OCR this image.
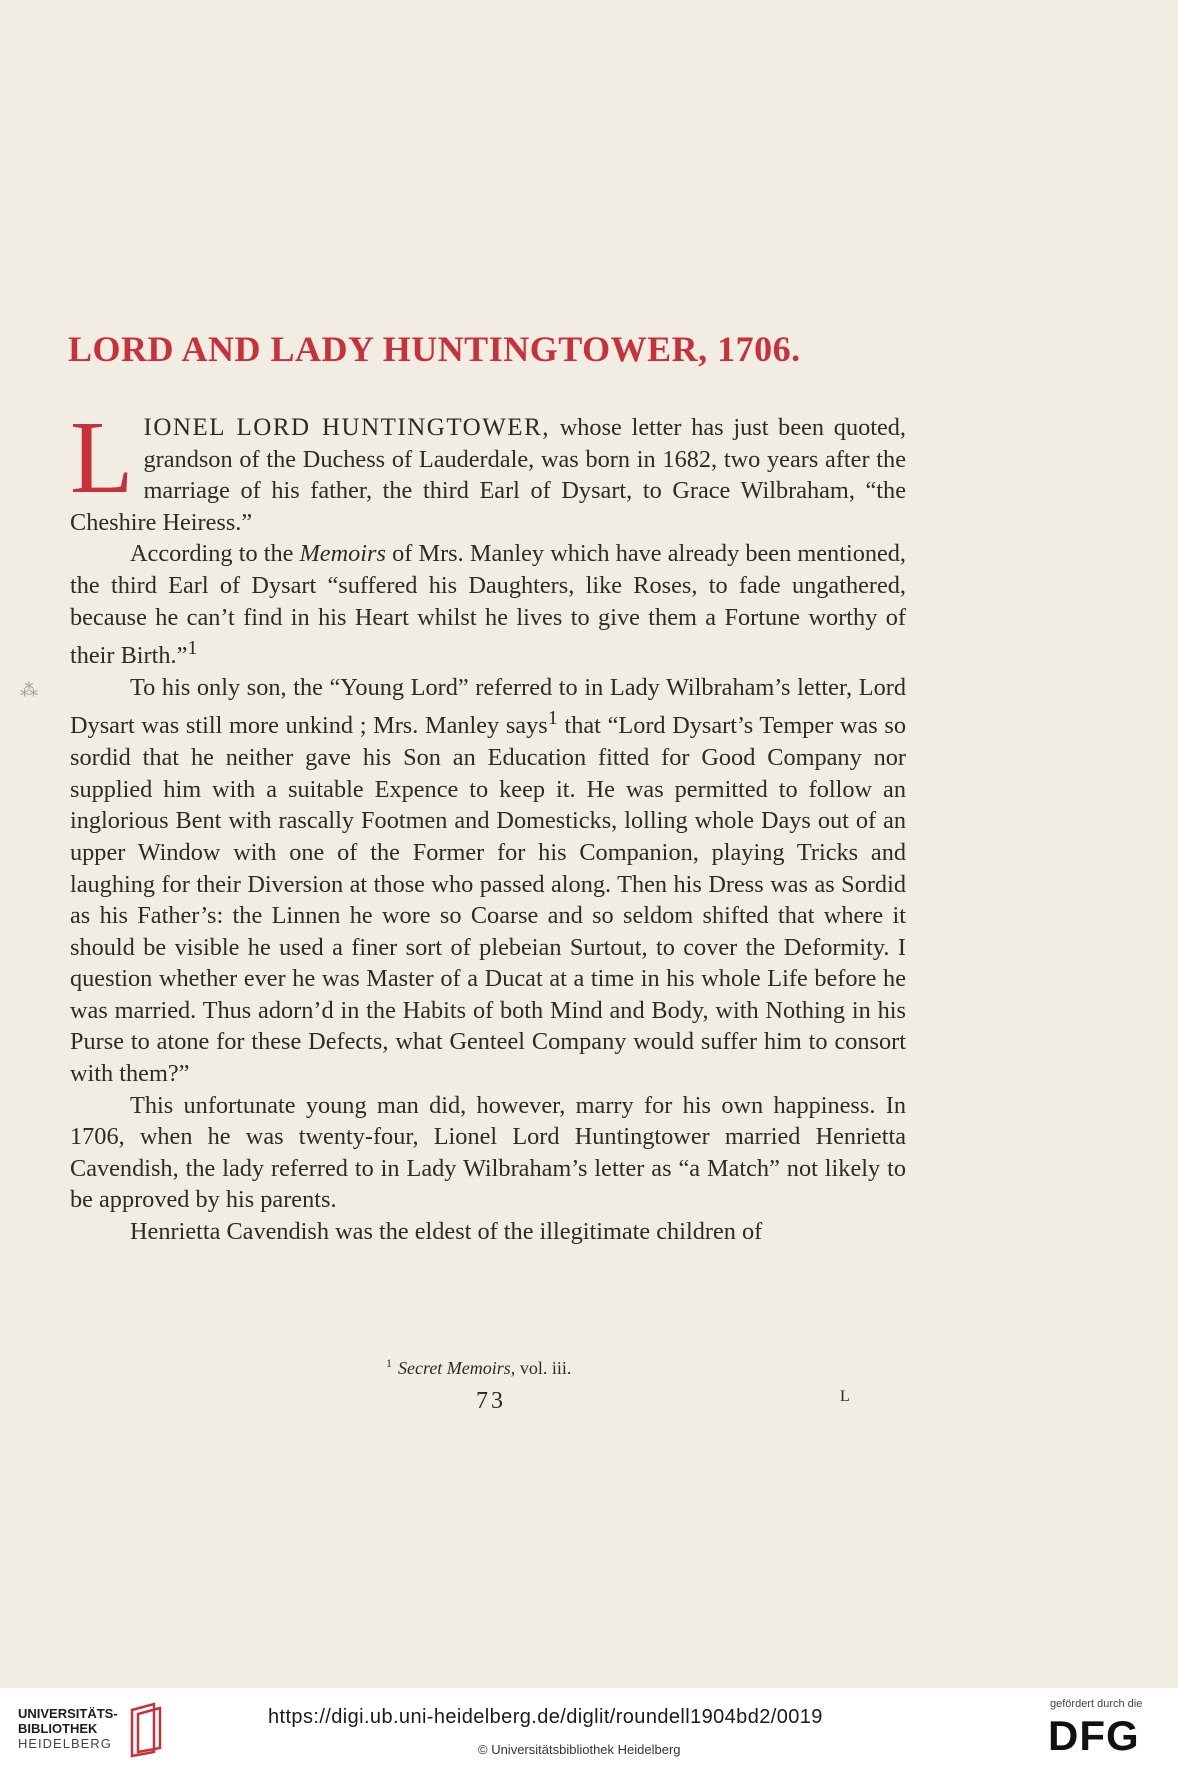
⁂
LORD AND LADY HUNTINGTOWER, 1706.

LIONEL LORD HUNTINGTOWER, whose letter has just been quoted, grandson of the Duchess of Lauderdale, was born in 1682, two years after the marriage of his father, the third Earl of Dysart, to Grace Wilbraham, “the Cheshire Heiress.”

According to the Memoirs of Mrs. Manley which have already been mentioned, the third Earl of Dysart “suffered his Daughters, like Roses, to fade ungathered, because he can’t find in his Heart whilst he lives to give them a Fortune worthy of their Birth.”$^1$

To his only son, the “Young Lord” referred to in Lady Wilbraham’s letter, Lord Dysart was still more unkind ; Mrs. Manley says$^1$ that “Lord Dysart’s Temper was so sordid that he neither gave his Son an Education fitted for Good Company nor supplied him with a suitable Expence to keep it. He was permitted to follow an inglorious Bent with rascally Footmen and Domesticks, lolling whole Days out of an upper Window with one of the Former for his Companion, playing Tricks and laughing for their Diversion at those who passed along. Then his Dress was as Sordid as his Father’s: the Linnen he wore so Coarse and so seldom shifted that where it should be visible he used a finer sort of plebeian Surtout, to cover the Deformity. I question whether ever he was Master of a Ducat at a time in his whole Life before he was married. Thus adorn’d in the Habits of both Mind and Body, with Nothing in his Purse to atone for these Defects, what Genteel Company would suffer him to consort with them?”

This unfortunate young man did, however, marry for his own happiness. In 1706, when he was twenty-four, Lionel Lord Huntingtower married Henrietta Cavendish, the lady referred to in Lady Wilbraham’s letter as “a Match” not likely to be approved by his parents.

Henrietta Cavendish was the eldest of the illegitimate children of

$^1$ Secret Memoirs, vol. iii.
73	L
UNIVERSITÄTS-
BIBLIOTHEK
HEIDELBERG
https://digi.ub.uni-heidelberg.de/diglit/roundell1904bd2/0019
© Universitätsbibliothek Heidelberg
gefördert durch die
DFG
